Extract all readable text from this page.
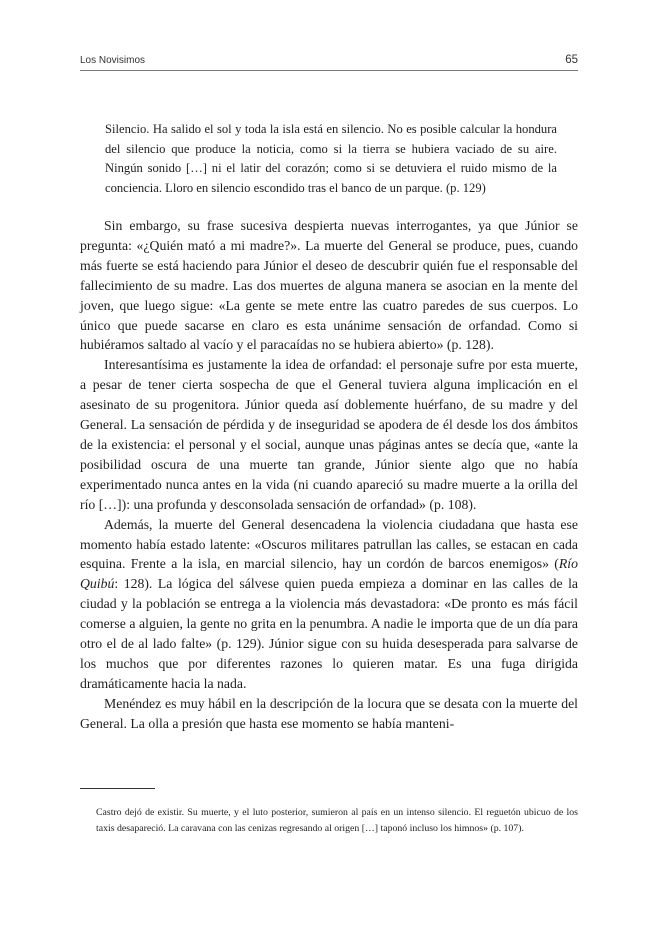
Los Novisimos	65

Silencio. Ha salido el sol y toda la isla está en silencio. No es posible calcular la hondura del silencio que produce la noticia, como si la tierra se hubiera vaciado de su aire. Ningún sonido […] ni el latir del corazón; como si se detuviera el ruido mismo de la conciencia. Lloro en silencio escondido tras el banco de un parque. (p. 129)

Sin embargo, su frase sucesiva despierta nuevas interrogantes, ya que Júnior se pregunta: «¿Quién mató a mi madre?». La muerte del General se produce, pues, cuando más fuerte se está haciendo para Júnior el deseo de descubrir quién fue el responsable del fallecimiento de su madre. Las dos muertes de alguna manera se asocian en la mente del joven, que luego sigue: «La gente se mete entre las cuatro paredes de sus cuerpos. Lo único que puede sacarse en claro es esta unánime sensación de orfandad. Como si hubiéramos saltado al vacío y el paracaídas no se hubiera abierto» (p. 128).

Interesantísima es justamente la idea de orfandad: el personaje sufre por esta muerte, a pesar de tener cierta sospecha de que el General tuviera alguna implicación en el asesinato de su progenitora. Júnior queda así doblemente huérfano, de su madre y del General. La sensación de pérdida y de inseguridad se apodera de él desde los dos ámbitos de la existencia: el personal y el social, aunque unas páginas antes se decía que, «ante la posibilidad oscura de una muerte tan grande, Júnior siente algo que no había experimentado nunca antes en la vida (ni cuando apareció su madre muerte a la orilla del río […]): una profunda y desconsolada sensación de orfandad» (p. 108).

Además, la muerte del General desencadena la violencia ciudadana que hasta ese momento había estado latente: «Oscuros militares patrullan las calles, se estacan en cada esquina. Frente a la isla, en marcial silencio, hay un cordón de barcos enemigos» (Río Quibú: 128). La lógica del sálvese quien pueda empieza a dominar en las calles de la ciudad y la población se entrega a la violencia más devastadora: «De pronto es más fácil comerse a alguien, la gente no grita en la penumbra. A nadie le importa que de un día para otro el de al lado falte» (p. 129). Júnior sigue con su huida desesperada para salvarse de los muchos que por diferentes razones lo quieren matar. Es una fuga dirigida dramáticamente hacia la nada.

Menéndez es muy hábil en la descripción de la locura que se desata con la muerte del General. La olla a presión que hasta ese momento se había manteni-

Castro dejó de existir. Su muerte, y el luto posterior, sumieron al país en un intenso silencio. El reguetón ubicuo de los taxis desapareció. La caravana con las cenizas regresando al origen […] taponó incluso los himnos» (p. 107).
